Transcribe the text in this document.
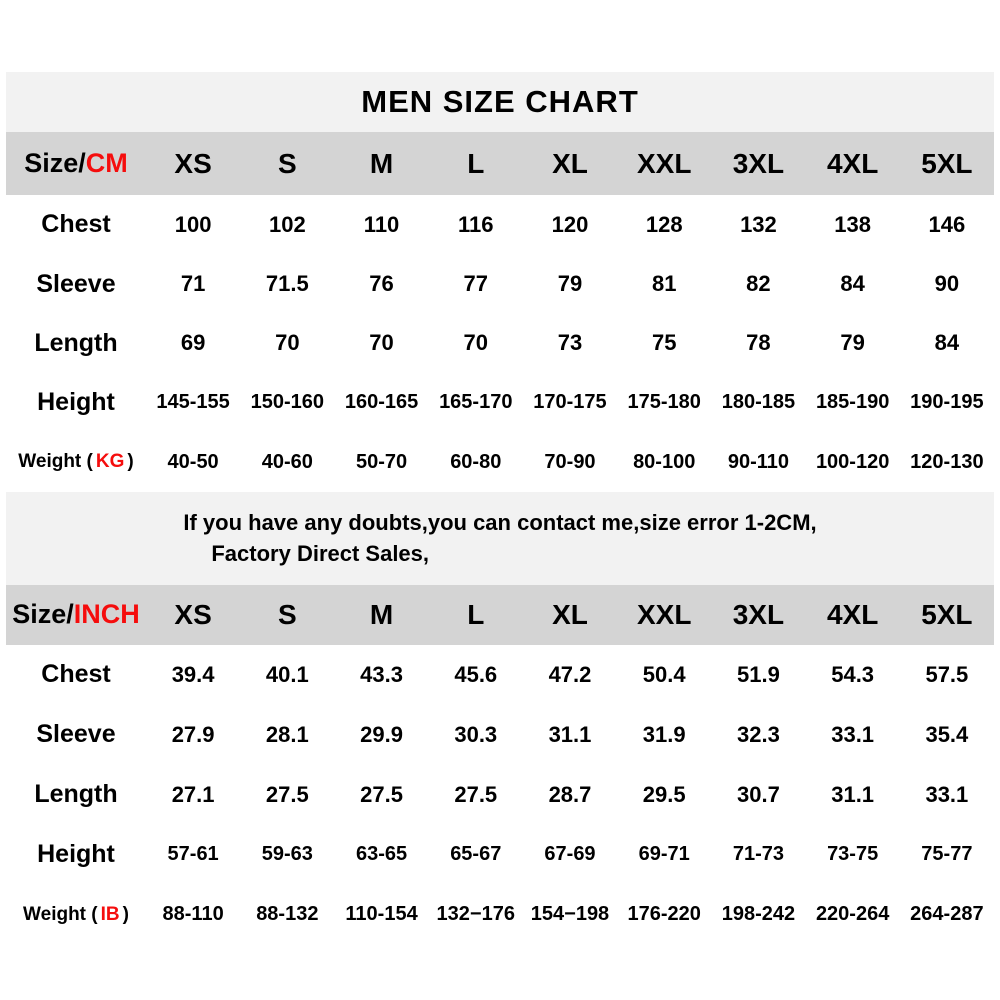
MEN SIZE CHART
Size/CM	XS	S	M	L	XL	XXL	3XL	4XL	5XL
Chest	100	102	110	116	120	128	132	138	146
Sleeve	71	71.5	76	77	79	81	82	84	90
Length	69	70	70	70	73	75	78	79	84
Height	145-155	150-160	160-165	165-170	170-175	175-180	180-185	185-190	190-195
Weight ( KG )	40-50	40-60	50-70	60-80	70-90	80-100	90-110	100-120	120-130
If you have any doubts,you can contact me,size error 1-2CM,
Factory Direct Sales,
Size/INCH	XS	S	M	L	XL	XXL	3XL	4XL	5XL
Chest	39.4	40.1	43.3	45.6	47.2	50.4	51.9	54.3	57.5
Sleeve	27.9	28.1	29.9	30.3	31.1	31.9	32.3	33.1	35.4
Length	27.1	27.5	27.5	27.5	28.7	29.5	30.7	31.1	33.1
Height	57-61	59-63	63-65	65-67	67-69	69-71	71-73	73-75	75-77
Weight ( IB )	88-110	88-132	110-154	132−176	154−198	176-220	198-242	220-264	264-287
